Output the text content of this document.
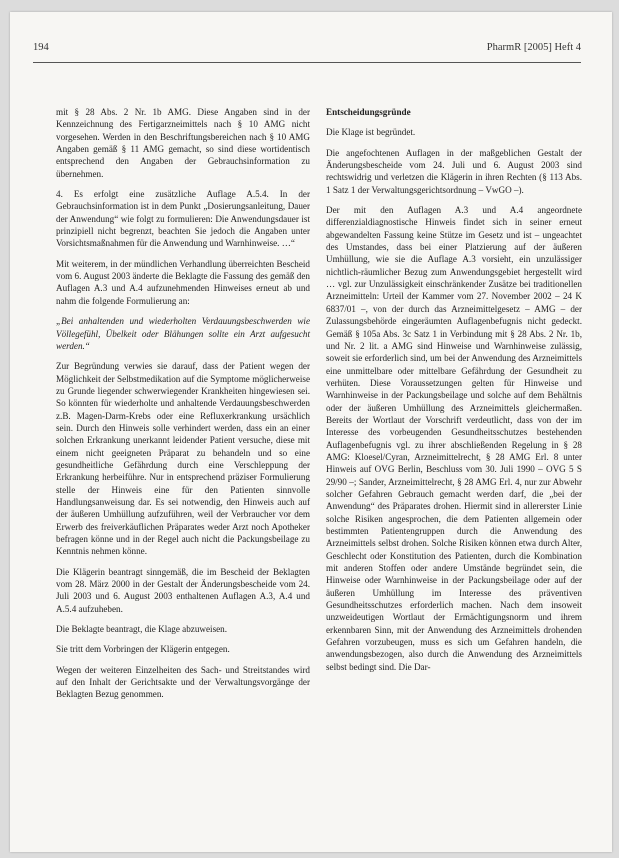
194	PharmR [2005] Heft 4

mit § 28 Abs. 2 Nr. 1b AMG. Diese Angaben sind in der Kennzeichnung des Fertigarzneimittels nach § 10 AMG nicht vorgesehen. Werden in den Beschriftungsbereichen nach § 10 AMG Angaben gemäß § 11 AMG gemacht, so sind diese wortidentisch entsprechend den Angaben der Gebrauchsinformation zu übernehmen.

4. Es erfolgt eine zusätzliche Auflage A.5.4. In der Gebrauchsinformation ist in dem Punkt „Dosierungsanleitung, Dauer der Anwendung“ wie folgt zu formulieren: Die Anwendungsdauer ist prinzipiell nicht begrenzt, beachten Sie jedoch die Angaben unter Vorsichtsmaßnahmen für die Anwendung und Warnhinweise. …“

Mit weiterem, in der mündlichen Verhandlung überreichten Bescheid vom 6. August 2003 änderte die Beklagte die Fassung des gemäß den Auflagen A.3 und A.4 aufzunehmenden Hinweises erneut ab und nahm die folgende Formulierung an:

„Bei anhaltenden und wiederholten Verdauungsbeschwerden wie Völlegefühl, Übelkeit oder Blähungen sollte ein Arzt aufgesucht werden.“

Zur Begründung verwies sie darauf, dass der Patient wegen der Möglichkeit der Selbstmedikation auf die Symptome möglicherweise zu Grunde liegender schwerwiegender Krankheiten hingewiesen sei. So könnten für wiederholte und anhaltende Verdauungsbeschwerden z.B. Magen-Darm-Krebs oder eine Refluxerkrankung ursächlich sein. Durch den Hinweis solle verhindert werden, dass ein an einer solchen Erkrankung unerkannt leidender Patient versuche, diese mit einem nicht geeigneten Präparat zu behandeln und so eine gesundheitliche Gefährdung durch eine Verschleppung der Erkrankung herbeiführe. Nur in entsprechend präziser Formulierung stelle der Hinweis eine für den Patienten sinnvolle Handlungsanweisung dar. Es sei notwendig, den Hinweis auch auf der äußeren Umhüllung aufzuführen, weil der Verbraucher vor dem Erwerb des freiverkäuflichen Präparates weder Arzt noch Apotheker befragen könne und in der Regel auch nicht die Packungsbeilage zu Kenntnis nehmen könne.

Die Klägerin beantragt sinngemäß, die im Bescheid der Beklagten vom 28. März 2000 in der Gestalt der Änderungsbescheide vom 24. Juli 2003 und 6. August 2003 enthaltenen Auflagen A.3, A.4 und A.5.4 aufzuheben.

Die Beklagte beantragt, die Klage abzuweisen.

Sie tritt dem Vorbringen der Klägerin entgegen.

Wegen der weiteren Einzelheiten des Sach- und Streitstandes wird auf den Inhalt der Gerichtsakte und der Verwaltungsvorgänge der Beklagten Bezug genommen.

Entscheidungsgründe

Die Klage ist begründet.

Die angefochtenen Auflagen in der maßgeblichen Gestalt der Änderungsbescheide vom 24. Juli und 6. August 2003 sind rechtswidrig und verletzen die Klägerin in ihren Rechten (§ 113 Abs. 1 Satz 1 der Verwaltungsgerichtsordnung – VwGO –).

Der mit den Auflagen A.3 und A.4 angeordnete differenzialdiagnostische Hinweis findet sich in seiner erneut abgewandelten Fassung keine Stütze im Gesetz und ist – ungeachtet des Umstandes, dass bei einer Platzierung auf der äußeren Umhüllung, wie sie die Auflage A.3 vorsieht, ein unzulässiger nichtlich-räumlicher Bezug zum Anwendungsgebiet hergestellt wird … vgl. zur Unzulässigkeit einschränkender Zusätze bei traditionellen Arzneimitteln: Urteil der Kammer vom 27. November 2002 – 24 K 6837/01 –, von der durch das Arzneimittelgesetz – AMG – der Zulassungsbehörde eingeräumten Auflagenbefugnis nicht gedeckt. Gemäß § 105a Abs. 3c Satz 1 in Verbindung mit § 28 Abs. 2 Nr. 1b, und Nr. 2 lit. a AMG sind Hinweise und Warnhinweise zulässig, soweit sie erforderlich sind, um bei der Anwendung des Arzneimittels eine unmittelbare oder mittelbare Gefährdung der Gesundheit zu verhüten. Diese Voraussetzungen gelten für Hinweise und Warnhinweise in der Packungsbeilage und solche auf dem Behältnis oder der äußeren Umhüllung des Arzneimittels gleichermaßen. Bereits der Wortlaut der Vorschrift verdeutlicht, dass von der im Interesse des vorbeugenden Gesundheitsschutzes bestehenden Auflagenbefugnis vgl. zu ihrer abschließenden Regelung in § 28 AMG: Kloesel/Cyran, Arzneimittelrecht, § 28 AMG Erl. 8 unter Hinweis auf OVG Berlin, Beschluss vom 30. Juli 1990 – OVG 5 S 29/90 –; Sander, Arzneimittelrecht, § 28 AMG Erl. 4, nur zur Abwehr solcher Gefahren Gebrauch gemacht werden darf, die „bei der Anwendung“ des Präparates drohen. Hiermit sind in allererster Linie solche Risiken angesprochen, die dem Patienten allgemein oder bestimmten Patientengruppen durch die Anwendung des Arzneimittels selbst drohen. Solche Risiken können etwa durch Alter, Geschlecht oder Konstitution des Patienten, durch die Kombination mit anderen Stoffen oder andere Umstände begründet sein, die Hinweise oder Warnhinweise in der Packungsbeilage oder auf der äußeren Umhüllung im Interesse des präventiven Gesundheitsschutzes erforderlich machen. Nach dem insoweit unzweideutigen Wortlaut der Ermächtigungsnorm und ihrem erkennbaren Sinn, mit der Anwendung des Arzneimittels drohenden Gefahren vorzubeugen, muss es sich um Gefahren handeln, die anwendungsbezogen, also durch die Anwendung des Arzneimittels selbst bedingt sind. Die Dar-
